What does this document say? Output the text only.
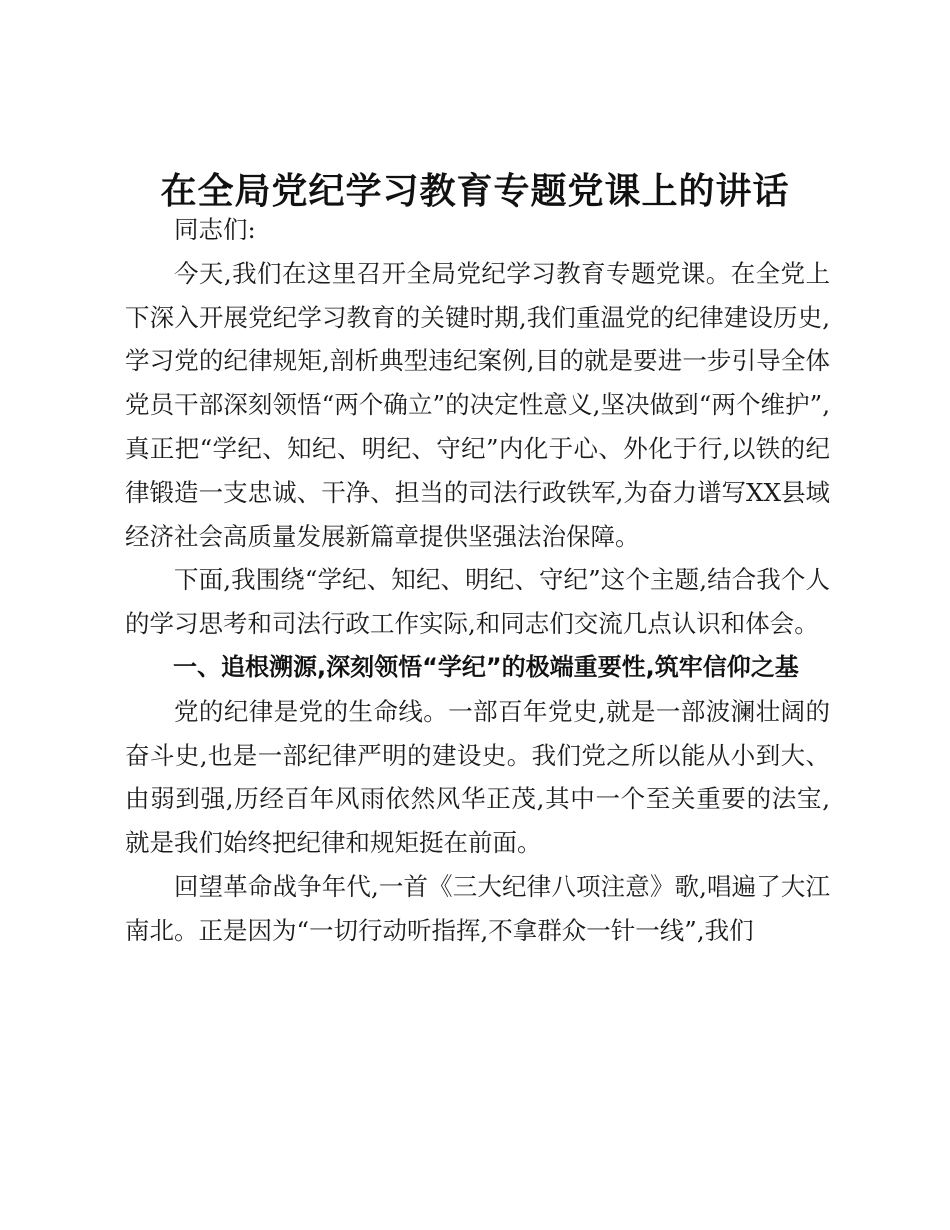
在全局党纪学习教育专题党课上的讲话

同志们:

今天,我们在这里召开全局党纪学习教育专题党课。在全党上下深入开展党纪学习教育的关键时期,我们重温党的纪律建设历史,学习党的纪律规矩,剖析典型违纪案例,目的就是要进一步引导全体党员干部深刻领悟“两个确立”的决定性意义,坚决做到“两个维护”,真正把“学纪、知纪、明纪、守纪”内化于心、外化于行,以铁的纪律锻造一支忠诚、干净、担当的司法行政铁军,为奋力谱写XX县域经济社会高质量发展新篇章提供坚强法治保障。

下面,我围绕“学纪、知纪、明纪、守纪”这个主题,结合我个人的学习思考和司法行政工作实际,和同志们交流几点认识和体会。

一、追根溯源,深刻领悟“学纪”的极端重要性,筑牢信仰之基

党的纪律是党的生命线。一部百年党史,就是一部波澜壮阔的奋斗史,也是一部纪律严明的建设史。我们党之所以能从小到大、由弱到强,历经百年风雨依然风华正茂,其中一个至关重要的法宝,就是我们始终把纪律和规矩挺在前面。

回望革命战争年代,一首《三大纪律八项注意》歌,唱遍了大江南北。正是因为“一切行动听指挥,不拿群众一针一线”,我们
